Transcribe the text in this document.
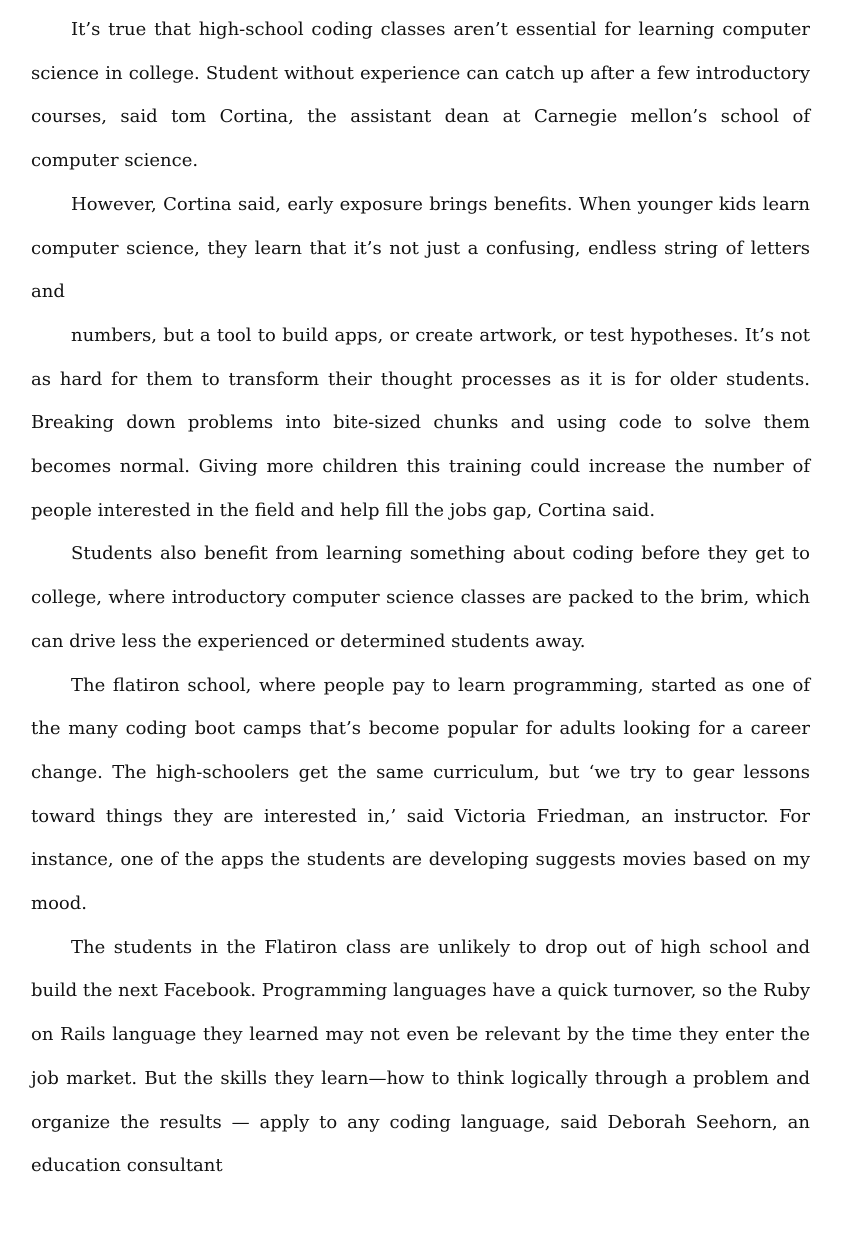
It’s true that high-school coding classes aren’t essential for learning computer science in college. Student without experience can catch up after a few introductory courses, said tom Cortina, the assistant dean at Carnegie mellon’s school of computer science.

However, Cortina said, early exposure brings benefits. When younger kids learn computer science, they learn that it’s not just a confusing, endless string of letters and

numbers, but a tool to build apps, or create artwork, or test hypotheses. It’s not as hard for them to transform their thought processes as it is for older students. Breaking down problems into bite-sized chunks and using code to solve them becomes normal. Giving more children this training could increase the number of people interested in the field and help fill the jobs gap, Cortina said.

Students also benefit from learning something about coding before they get to college, where introductory computer science classes are packed to the brim, which can drive less the experienced or determined students away.

The flatiron school, where people pay to learn programming, started as one of the many coding boot camps that’s become popular for adults looking for a career change. The high-schoolers get the same curriculum, but ‘we try to gear lessons toward things they are interested in,’ said Victoria Friedman, an instructor. For instance, one of the apps the students are developing suggests movies based on my mood.

The students in the Flatiron class are unlikely to drop out of high school and build the next Facebook. Programming languages have a quick turnover, so the Ruby on Rails language they learned may not even be relevant by the time they enter the job market. But the skills they learn—how to think logically through a problem and organize the results — apply to any coding language, said Deborah Seehorn, an education consultant
